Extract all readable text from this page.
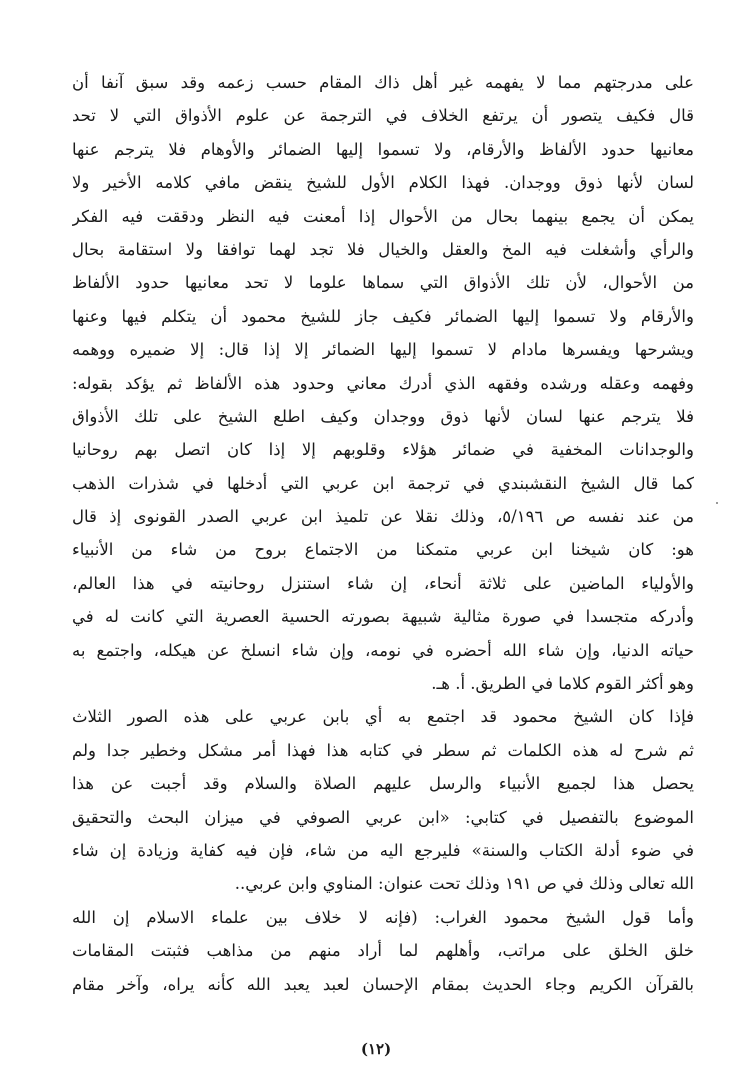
على مدرجتهم مما لا يفهمه غير أهل ذاك المقام حسب زعمه وقد سبق آنفا أن
قال فكيف يتصور أن يرتفع الخلاف في الترجمة عن علوم الأذواق التي لا تحد
معانيها حدود الألفاظ والأرقام، ولا تسموا إليها الضمائر والأوهام فلا يترجم عنها
لسان لأنها ذوق ووجدان. فهذا الكلام الأول للشيخ ينقض مافي كلامه الأخير ولا
يمكن أن يجمع بينهما بحال من الأحوال إذا أمعنت فيه النظر ودققت فيه الفكر
والرأي وأشغلت فيه المخ والعقل والخيال فلا تجد لهما توافقا ولا استقامة بحال
من الأحوال، لأن تلك الأذواق التي سماها علوما لا تحد معانيها حدود الألفاظ
والأرقام ولا تسموا إليها الضمائر فكيف جاز للشيخ محمود أن يتكلم فيها وعنها
ويشرحها ويفسرها مادام لا تسموا إليها الضمائر إلا إذا قال: إلا ضميره ووهمه
وفهمه وعقله ورشده وفقهه الذي أدرك معاني وحدود هذه الألفاظ ثم يؤكد بقوله:
فلا يترجم عنها لسان لأنها ذوق ووجدان وكيف اطلع الشيخ على تلك الأذواق
والوجدانات المخفية في ضمائر هؤلاء وقلوبهم إلا إذا كان اتصل بهم روحانيا
كما قال الشيخ النقشبندي في ترجمة ابن عربي التي أدخلها في شذرات الذهب
من عند نفسه ص ٥/١٩٦، وذلك نقلا عن تلميذ ابن عربي الصدر القونوى إذ قال
هو: كان شيخنا ابن عربي متمكنا من الاجتماع بروح من شاء من الأنبياء
والأولياء الماضين على ثلاثة أنحاء، إن شاء استنزل روحانيته في هذا العالم،
وأدركه متجسدا في صورة مثالية شبيهة بصورته الحسية العصرية التي كانت له في
حياته الدنيا، وإن شاء الله أحضره في نومه، وإن شاء انسلخ عن هيكله، واجتمع به
وهو أكثر القوم كلاما في الطريق. أ. هـ.
فإذا كان الشيخ محمود قد اجتمع به أي بابن عربي على هذه الصور الثلاث
ثم شرح له هذه الكلمات ثم سطر في كتابه هذا فهذا أمر مشكل وخطير جدا ولم
يحصل هذا لجميع الأنبياء والرسل عليهم الصلاة والسلام وقد أجبت عن هذا
الموضوع بالتفصيل في كتابي: «ابن عربي الصوفي في ميزان البحث والتحقيق
في ضوء أدلة الكتاب والسنة» فليرجع اليه من شاء، فإن فيه كفاية وزيادة إن شاء
الله تعالى وذلك في ص ١٩١ وذلك تحت عنوان: المناوي وابن عربي..
وأما قول الشيخ محمود الغراب: (فإنه لا خلاف بين علماء الاسلام إن الله
خلق الخلق على مراتب، وأهلهم لما أراد منهم من مذاهب فثبتت المقامات
بالقرآن الكريم وجاء الحديث بمقام الإحسان لعبد يعبد الله كأنه يراه، وآخر مقام
(١٢)
